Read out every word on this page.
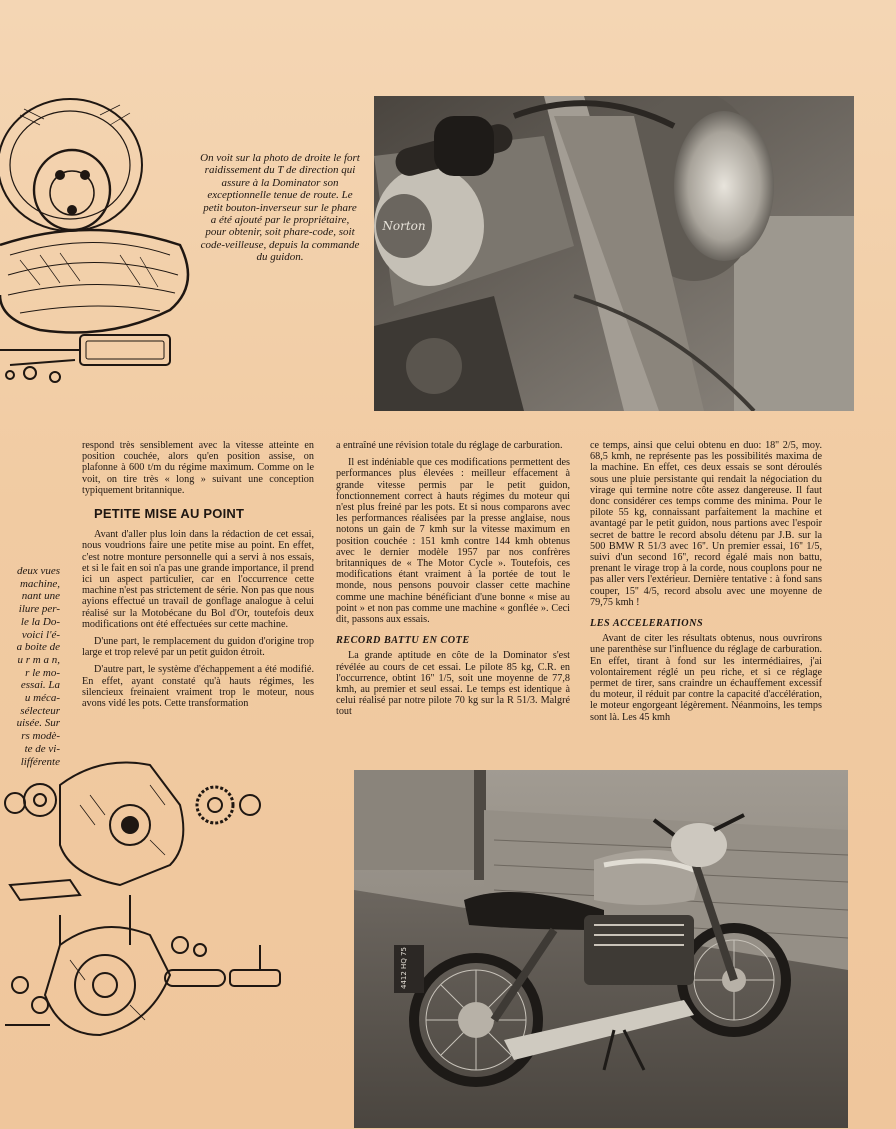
On voit sur la photo de droite le fort raidissement du T de direction qui assure à la Dominator son exceptionnelle tenue de route. Le petit bouton-inverseur sur le phare a été ajouté par le propriétaire, pour obtenir, soit phare-code, soit code-veilleuse, depuis la commande du guidon.
Norton

respond très sensiblement avec la vitesse atteinte en position couchée, alors qu'en position assise, on plafonne à 600 t/m du régime maximum. Comme on le voit, on tire très « long » suivant une conception typiquement britannique.

PETITE MISE AU POINT

Avant d'aller plus loin dans la rédaction de cet essai, nous voudrions faire une petite mise au point. En effet, c'est notre monture personnelle qui a servi à nos essais, et si le fait en soi n'a pas une grande importance, il prend ici un aspect particulier, car en l'occurrence cette machine n'est pas strictement de série. Non pas que nous ayions effectué un travail de gonflage analogue à celui réalisé sur la Motobécane du Bol d'Or, toutefois deux modifications ont été effectuées sur cette machine.

D'une part, le remplacement du guidon d'origine trop large et trop relevé par un petit guidon étroit.

D'autre part, le système d'échappement a été modifié. En effet, ayant constaté qu'à hauts régimes, les silencieux freinaient vraiment trop le moteur, nous avons vidé les pots. Cette transformation

a entraîné une révision totale du réglage de carburation.

Il est indéniable que ces modifications permettent des performances plus élevées : meilleur effacement à grande vitesse permis par le petit guidon, fonctionnement correct à hauts régimes du moteur qui n'est plus freiné par les pots. Et si nous comparons avec les performances réalisées par la presse anglaise, nous notons un gain de 7 kmh sur la vitesse maximum en position couchée : 151 kmh contre 144 kmh obtenus avec le dernier modèle 1957 par nos confrères britanniques de « The Motor Cycle ». Toutefois, ces modifications étant vraiment à la portée de tout le monde, nous pensons pouvoir classer cette machine comme une machine bénéficiant d'une bonne « mise au point » et non pas comme une machine « gonflée ». Ceci dit, passons aux essais.

RECORD BATTU EN COTE

La grande aptitude en côte de la Dominator s'est révélée au cours de cet essai. Le pilote 85 kg, C.R. en l'occurrence, obtint 16'' 1/5, soit une moyenne de 77,8 kmh, au premier et seul essai. Le temps est identique à celui réalisé par notre pilote 70 kg sur la R 51/3. Malgré tout

ce temps, ainsi que celui obtenu en duo: 18'' 2/5, moy. 68,5 kmh, ne représente pas les possibilités maxima de la machine. En effet, ces deux essais se sont déroulés sous une pluie persistante qui rendait la négociation du virage qui termine notre côte assez dangereuse. Il faut donc considérer ces temps comme des minima. Pour le pilote 55 kg, connaissant parfaitement la machine et avantagé par le petit guidon, nous partions avec l'espoir secret de battre le record absolu détenu par J.B. sur la 500 BMW R 51/3 avec 16''. Un premier essai, 16'' 1/5, suivi d'un second 16'', record égalé mais non battu, prenant le virage trop à la corde, nous couplons pour ne pas aller vers l'extérieur. Dernière tentative : à fond sans couper, 15'' 4/5, record absolu avec une moyenne de 79,75 kmh !

LES ACCELERATIONS

Avant de citer les résultats obtenus, nous ouvrirons une parenthèse sur l'influence du réglage de carburation. En effet, tirant à fond sur les intermédiaires, j'ai volontairement réglé un peu riche, et si ce réglage permet de tirer, sans craindre un échauffement excessif du moteur, il réduit par contre la capacité d'accélération, le moteur engorgeant légèrement. Néanmoins, les temps sont là. Les 45 kmh

deux vues
machine,
nant une
ilure per-
le la Do-
voici l'é-
a boite de
u r m a n,
r le mo-
essai. La
u méca-
sélecteur
uisée. Sur
rs modè-
te de vi-
lifférente
4412 HQ 75
